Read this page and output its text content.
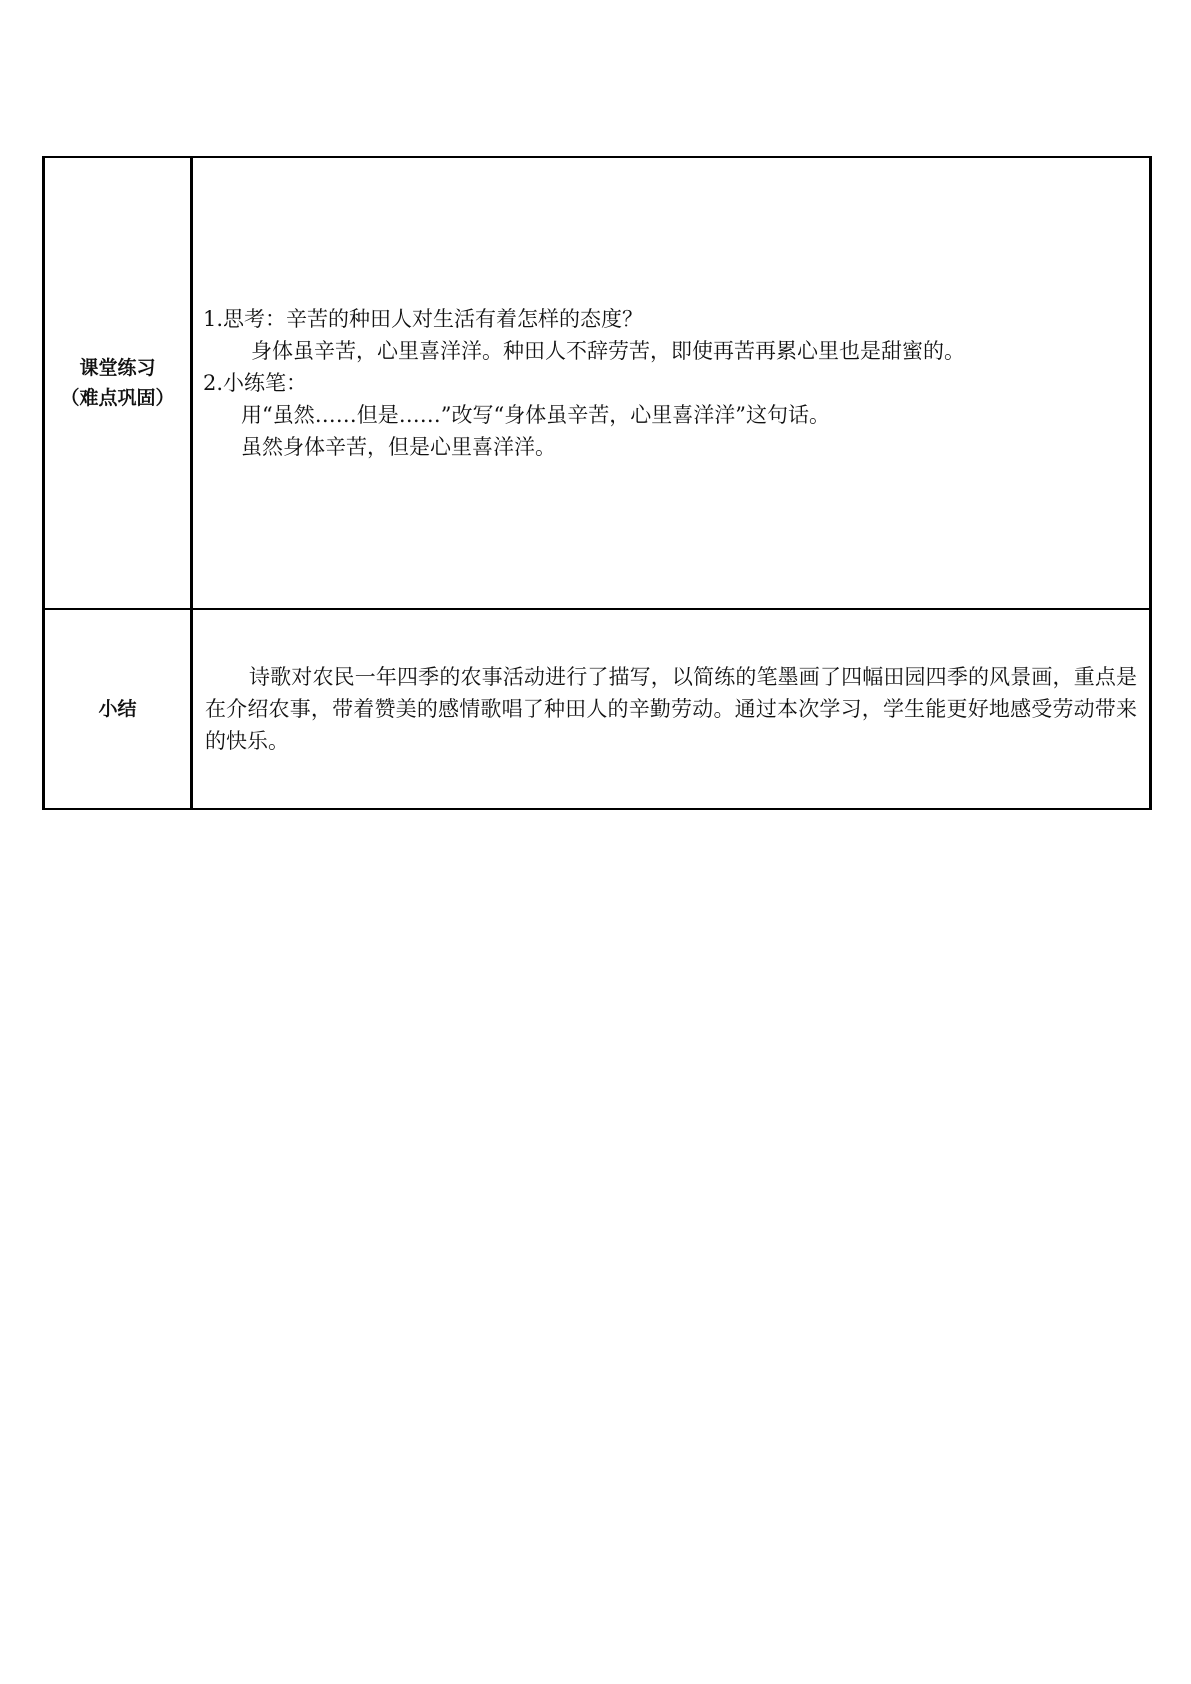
课堂练习
（难点巩固）	1.思考：辛苦的种田人对生活有着怎样的态度？
身体虽辛苦，心里喜洋洋。种田人不辞劳苦，即使再苦再累心里也是甜蜜的。
2.小练笔：
用“虽然……但是……”改写“身体虽辛苦，心里喜洋洋”这句话。
虽然身体辛苦，但是心里喜洋洋。

小结	诗歌对农民一年四季的农事活动进行了描写，以简练的笔墨画了四幅田园四季的风景画，重点是在介绍农事，带着赞美的感情歌唱了种田人的辛勤劳动。通过本次学习，学生能更好地感受劳动带来的快乐。
